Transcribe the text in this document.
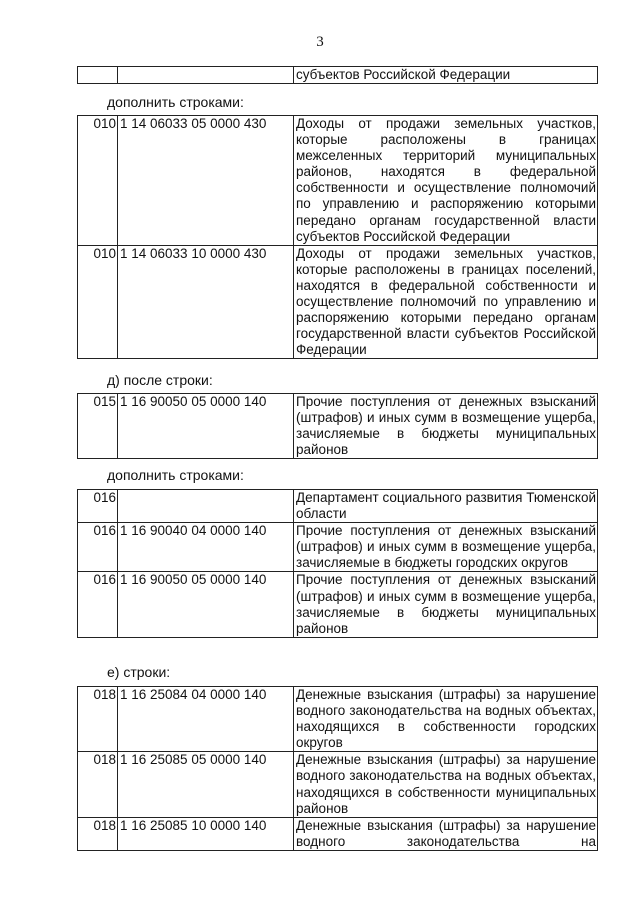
3
		субъектов Российской Федерации
дополнить строками:
010	1 14 06033 05 0000 430	Доходы от продажи земельных участков, которые расположены в границах межселенных территорий муниципальных районов, находятся в федеральной собственности и осуществление полномочий по управлению и распоряжению которыми передано органам государственной власти субъектов Российской Федерации
010	1 14 06033 10 0000 430	Доходы от продажи земельных участков, которые расположены в границах поселений, находятся в федеральной собственности и осуществление полномочий по управлению и распоряжению которыми передано органам государственной власти субъектов Российской Федерации
д) после строки:
015	1 16 90050 05 0000 140	Прочие поступления от денежных взысканий (штрафов) и иных сумм в возмещение ущерба, зачисляемые в бюджеты муниципальных районов
дополнить строками:
016		Департамент социального развития Тюменской области
016	1 16 90040 04 0000 140	Прочие поступления от денежных взысканий (штрафов) и иных сумм в возмещение ущерба, зачисляемые в бюджеты городских округов
016	1 16 90050 05 0000 140	Прочие поступления от денежных взысканий (штрафов) и иных сумм в возмещение ущерба, зачисляемые в бюджеты муниципальных районов
е) строки:
018	1 16 25084 04 0000 140	Денежные взыскания (штрафы) за нарушение водного законодательства на водных объектах, находящихся в собственности городских округов
018	1 16 25085 05 0000 140	Денежные взыскания (штрафы) за нарушение водного законодательства на водных объектах, находящихся в собственности муниципальных районов
018	1 16 25085 10 0000 140	Денежные взыскания (штрафы) за нарушение водного законодательства на
